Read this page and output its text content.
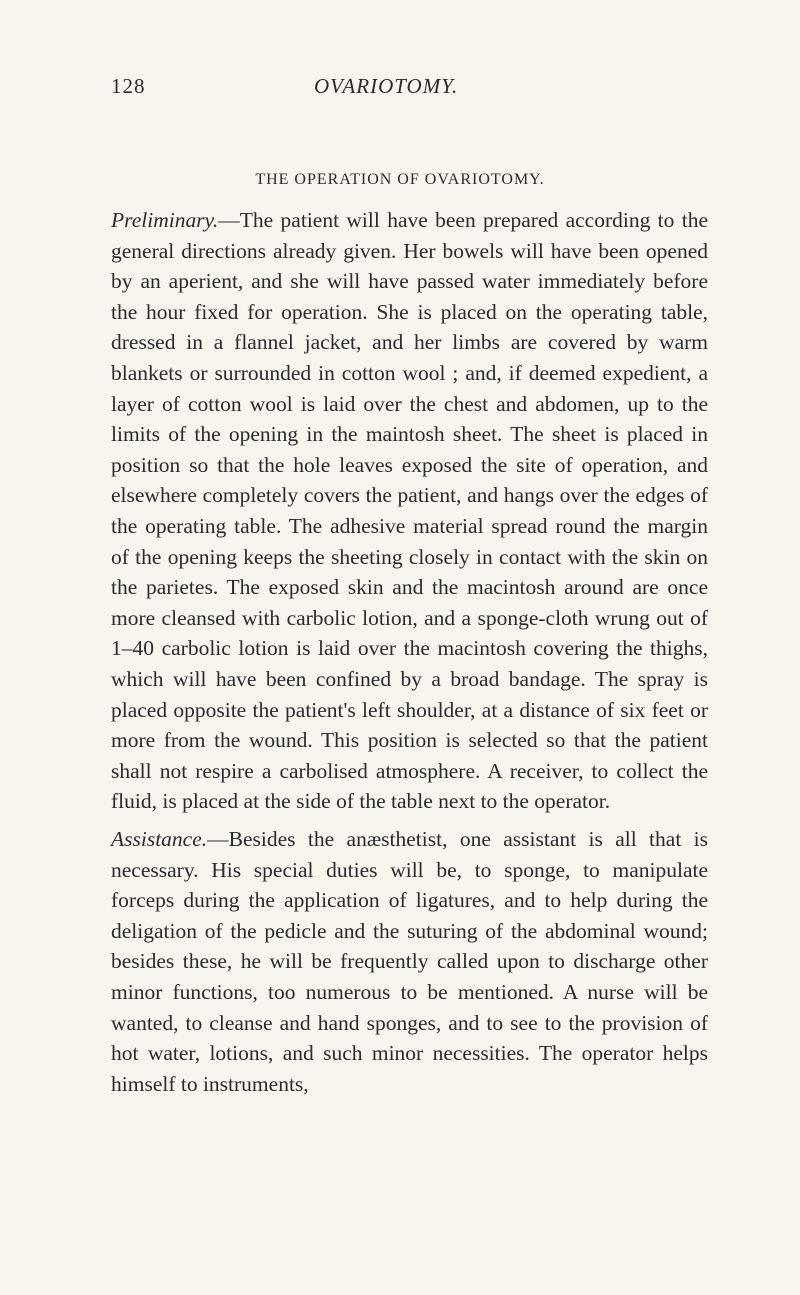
128	OVARIOTOMY.
THE OPERATION OF OVARIOTOMY.

Preliminary.—The patient will have been prepared according to the general directions already given. Her bowels will have been opened by an aperient, and she will have passed water immediately before the hour fixed for operation. She is placed on the operating table, dressed in a flannel jacket, and her limbs are covered by warm blankets or surrounded in cotton wool ; and, if deemed expedient, a layer of cotton wool is laid over the chest and abdomen, up to the limits of the opening in the maintosh sheet. The sheet is placed in position so that the hole leaves exposed the site of operation, and elsewhere completely covers the patient, and hangs over the edges of the operating table. The adhesive material spread round the margin of the opening keeps the sheeting closely in contact with the skin on the parietes. The exposed skin and the macintosh around are once more cleansed with carbolic lotion, and a sponge-cloth wrung out of 1–40 carbolic lotion is laid over the macintosh covering the thighs, which will have been confined by a broad bandage. The spray is placed opposite the patient's left shoulder, at a distance of six feet or more from the wound. This position is selected so that the patient shall not respire a carbolised atmosphere. A receiver, to collect the fluid, is placed at the side of the table next to the operator.

Assistance.—Besides the anæsthetist, one assistant is all that is necessary. His special duties will be, to sponge, to manipulate forceps during the application of ligatures, and to help during the deligation of the pedicle and the suturing of the abdominal wound; besides these, he will be frequently called upon to discharge other minor functions, too numerous to be mentioned. A nurse will be wanted, to cleanse and hand sponges, and to see to the provision of hot water, lotions, and such minor necessities. The operator helps himself to instruments,
